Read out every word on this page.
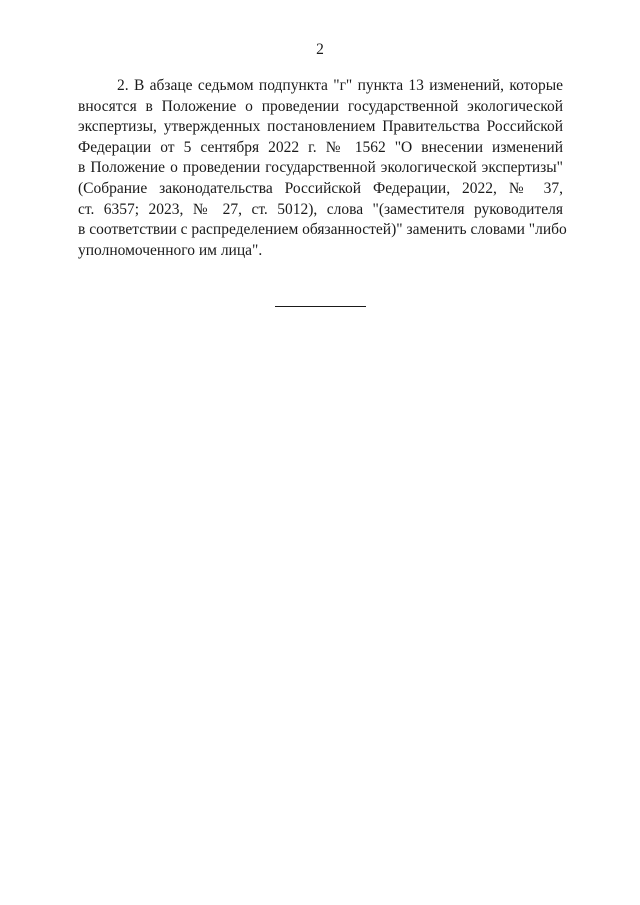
2
2. В абзаце седьмом подпункта "г" пункта 13 изменений, которые
вносятся в Положение о проведении государственной экологической
экспертизы, утвержденных постановлением Правительства Российской
Федерации от 5 сентября 2022 г. № 1562 "О внесении изменений
в Положение о проведении государственной экологической экспертизы"
(Собрание законодательства Российской Федерации, 2022, № 37,
ст. 6357; 2023, № 27, ст. 5012), слова "(заместителя руководителя
в соответствии с распределением обязанностей)" заменить словами "либо
уполномоченного им лица".
